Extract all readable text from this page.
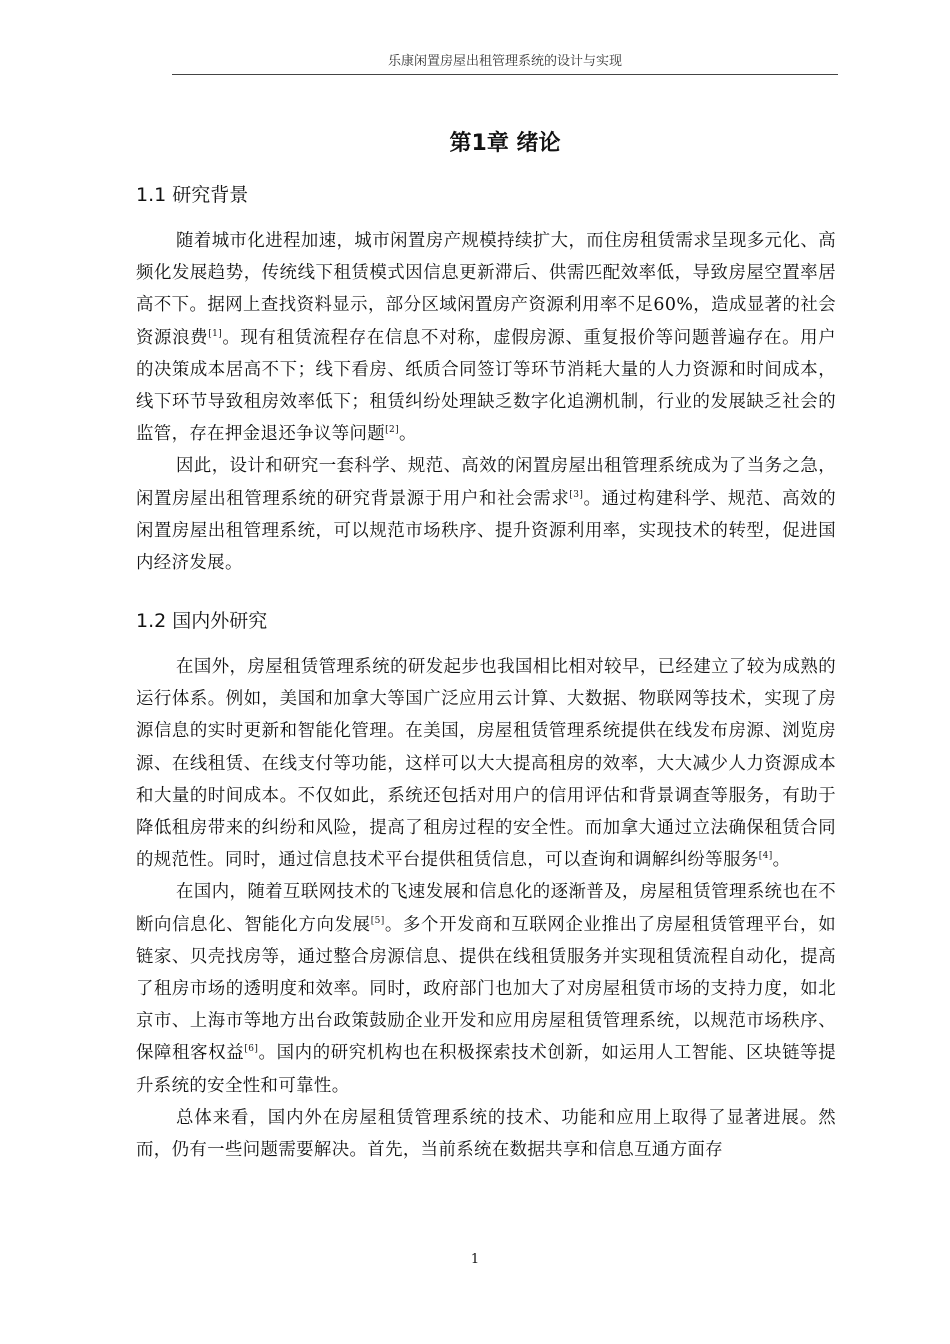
乐康闲置房屋出租管理系统的设计与实现
第1章 绪论
1.1 研究背景

随着城市化进程加速，城市闲置房产规模持续扩大，而住房租赁需求呈现多元化、高频化发展趋势，传统线下租赁模式因信息更新滞后、供需匹配效率低，导致房屋空置率居高不下。据网上查找资料显示，部分区域闲置房产资源利用率不足60%，造成显著的社会资源浪费[1]。现有租赁流程存在信息不对称，虚假房源、重复报价等问题普遍存在。用户的决策成本居高不下；线下看房、纸质合同签订等环节消耗大量的人力资源和时间成本，线下环节导致租房效率低下；租赁纠纷处理缺乏数字化追溯机制，行业的发展缺乏社会的监管，存在押金退还争议等问题[2]。

因此，设计和研究一套科学、规范、高效的闲置房屋出租管理系统成为了当务之急，闲置房屋出租管理系统的研究背景源于用户和社会需求[3]。通过构建科学、规范、高效的闲置房屋出租管理系统，可以规范市场秩序、提升资源利用率，实现技术的转型，促进国内经济发展。

1.2 国内外研究

在国外，房屋租赁管理系统的研发起步也我国相比相对较早，已经建立了较为成熟的运行体系。例如，美国和加拿大等国广泛应用云计算、大数据、物联网等技术，实现了房源信息的实时更新和智能化管理。在美国，房屋租赁管理系统提供在线发布房源、浏览房源、在线租赁、在线支付等功能，这样可以大大提高租房的效率，大大减少人力资源成本和大量的时间成本。不仅如此，系统还包括对用户的信用评估和背景调查等服务，有助于降低租房带来的纠纷和风险，提高了租房过程的安全性。而加拿大通过立法确保租赁合同的规范性。同时，通过信息技术平台提供租赁信息，可以查询和调解纠纷等服务[4]。

在国内，随着互联网技术的飞速发展和信息化的逐渐普及，房屋租赁管理系统也在不断向信息化、智能化方向发展[5]。多个开发商和互联网企业推出了房屋租赁管理平台，如链家、贝壳找房等，通过整合房源信息、提供在线租赁服务并实现租赁流程自动化，提高了租房市场的透明度和效率。同时，政府部门也加大了对房屋租赁市场的支持力度，如北京市、上海市等地方出台政策鼓励企业开发和应用房屋租赁管理系统，以规范市场秩序、保障租客权益[6]。国内的研究机构也在积极探索技术创新，如运用人工智能、区块链等提升系统的安全性和可靠性。

总体来看，国内外在房屋租赁管理系统的技术、功能和应用上取得了显著进展。然而，仍有一些问题需要解决。首先，当前系统在数据共享和信息互通方面存

1
